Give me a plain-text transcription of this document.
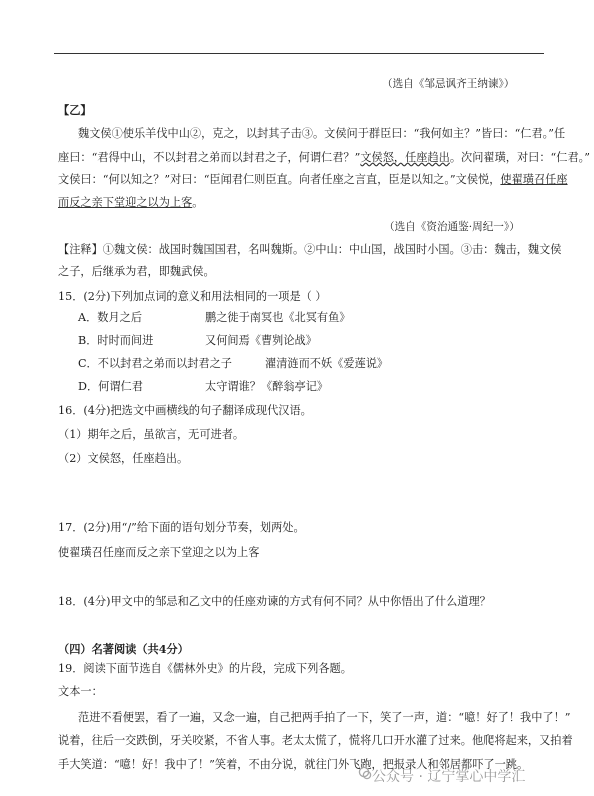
（选自《邹忌讽齐王纳谏》）
【乙】
魏文侯①使乐羊伐中山②，克之，以封其子击③。文侯问于群臣曰：“我何如主？”皆曰：“仁君。”任
座曰：“君得中山，不以封君之弟而以封君之子，何谓仁君？”文侯怒，任座趋出。次问翟璜，对曰：“仁君。”
文侯曰：“何以知之？”对曰：“臣闻君仁则臣直。向者任座之言直，臣是以知之。”文侯悦，使翟璜召任座
而反之亲下堂迎之以为上客。
（选自《资治通鉴·周纪一》）
【注释】①魏文侯：战国时魏国国君，名叫魏斯。②中山：中山国，战国时小国。③击：魏击，魏文侯
之子，后继承为君，即魏武侯。
15．(2分)下列加点词的意义和用法相同的一项是（ ）
A．数月之后	鹏之徙于南冥也《北冥有鱼》
B．时时而间进	又何间焉《曹刿论战》
C．不以封君之弟而以封君之子	濯清涟而不妖《爱莲说》
D．何谓仁君	太守谓谁？《醉翁亭记》
16．(4分)把选文中画横线的句子翻译成现代汉语。
（1）期年之后，虽欲言，无可进者。
（2）文侯怒，任座趋出。
17．(2分)用“/”给下面的语句划分节奏，划两处。
使翟璜召任座而反之亲下堂迎之以为上客
18．(4分)甲文中的邹忌和乙文中的任座劝谏的方式有何不同？从中你悟出了什么道理？
（四）名著阅读（共4分）
19．阅读下面节选自《儒林外史》的片段，完成下列各题。
文本一：
范进不看便罢，看了一遍，又念一遍，自己把两手拍了一下，笑了一声，道：“噫！好了！我中了！”
说着，往后一交跌倒，牙关咬紧，不省人事。老太太慌了，慌将几口开水灌了过来。他爬将起来，又拍着
手大笑道：“噫！好！我中了！”笑着，不由分说，就往门外飞跑，把报录人和邻居都吓了一跳。
公众号 · 辽宁掌心中学汇
